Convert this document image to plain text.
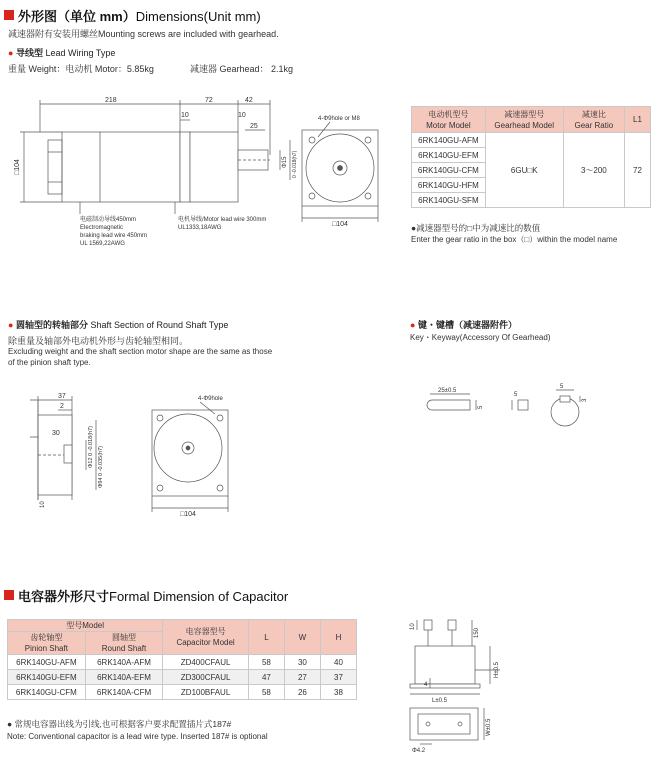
外形图（单位 mm）Dimensions(Unit mm)
减速器附有安装用螺丝Mounting screws are included with gearhead.
● 导线型 Lead Wiring Type
重量 Weight：电动机 Motor：5.85kg	减速器 Gearhead： 2.1kg
218	72	42
10	10
25
□104	Φ15 0 -0.018(h7)
4-Φ9hole or M8
□104
电磁制动导线450mm
Electromagnetic
braking lead wire 450mm
UL 1569,22AWG
电机导线/Motor lead wire 300mm
UL1333,18AWG
电动机型号
Motor Model	减速器型号
Gearhead Model	减速比
Gear Ratio	L1
6RK140GU-AFM	6GU□K	3～200	72
6RK140GU-EFM			
6RK140GU-CFM			
6RK140GU-HFM			
6RK140GU-SFM			
●减速器型号的□中为减速比的数值
Enter the gear ratio in the box（□）within the model name
● 圆轴型的转轴部分 Shaft Section of Round Shaft Type
除重量及轴部外电动机外形与齿轮轴型相同。
Excluding weight and the shaft section motor shape are the same as those
of the pinion shaft type.
37
2
30	Φ12 0 -0.018(h7) Φ94 0 -0.035(h7)
10
□104
4-Φ9hole
● 键・键槽（减速器附件）
Key・Keyway(Accessory Of Gearhead)
25±0.5
5
5
5
3
电容器外形尺寸Formal Dimension of Capacitor
型号Model		电容器型号
Capacitor Model	L	W	H
齿轮轴型
Pinion Shaft	圆轴型
Round Shaft				
6RK140GU-AFM	6RK140A-AFM	ZD400CFAUL	58	30	40
6RK140GU-EFM	6RK140A-EFM	ZD300CFAUL	47	27	37
6RK140GU-CFM	6RK140A-CFM	ZD100BFAUL	58	26	38
● 常规电容器出线为引线,也可根据客户要求配置插片式187#
Note: Conventional capacitor is a lead wire type. Inserted 187# is optional
10
150
H±0.5
4
L±0.5
W±0.5
Φ4.2
